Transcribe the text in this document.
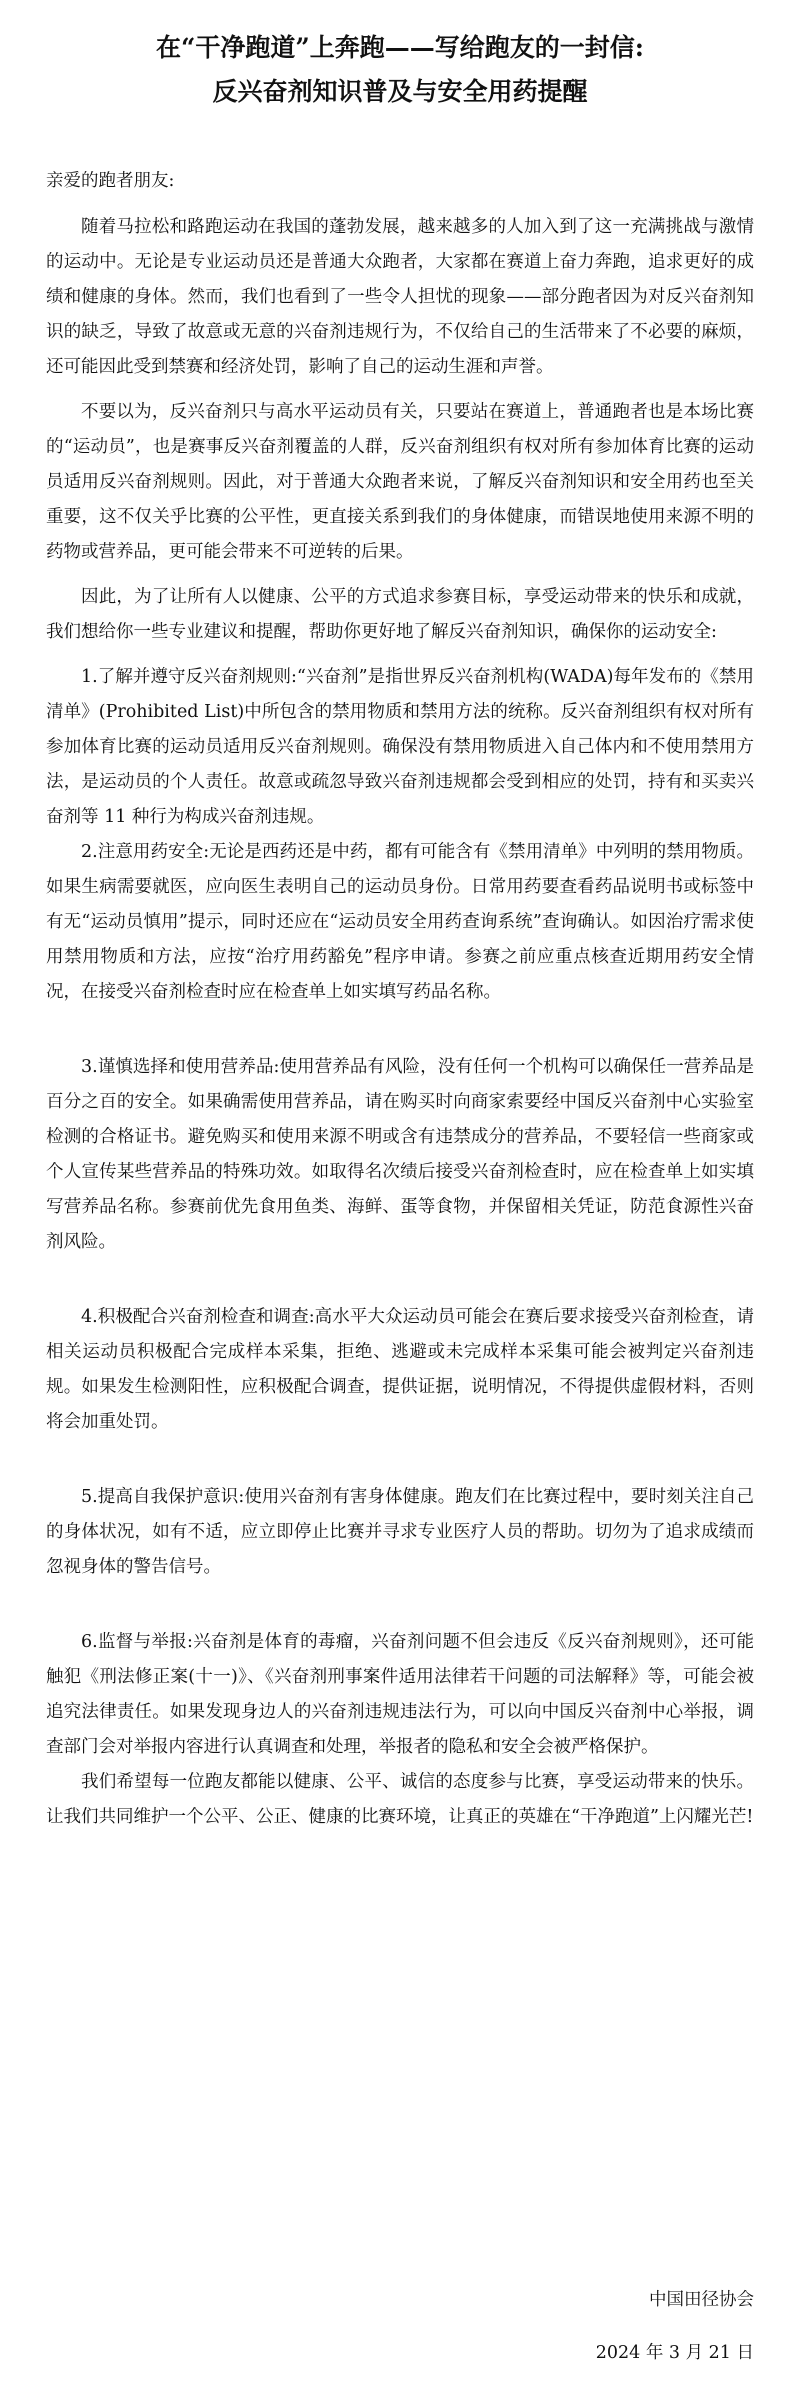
在“干净跑道”上奔跑——写给跑友的一封信:
反兴奋剂知识普及与安全用药提醒

亲爱的跑者朋友:

随着马拉松和路跑运动在我国的蓬勃发展，越来越多的人加入到了这一充满挑战与激情的运动中。无论是专业运动员还是普通大众跑者，大家都在赛道上奋力奔跑，追求更好的成绩和健康的身体。然而，我们也看到了一些令人担忧的现象——部分跑者因为对反兴奋剂知识的缺乏，导致了故意或无意的兴奋剂违规行为，不仅给自己的生活带来了不必要的麻烦，还可能因此受到禁赛和经济处罚，影响了自己的运动生涯和声誉。

不要以为，反兴奋剂只与高水平运动员有关，只要站在赛道上，普通跑者也是本场比赛的“运动员”，也是赛事反兴奋剂覆盖的人群，反兴奋剂组织有权对所有参加体育比赛的运动员适用反兴奋剂规则。因此，对于普通大众跑者来说，了解反兴奋剂知识和安全用药也至关重要，这不仅关乎比赛的公平性，更直接关系到我们的身体健康，而错误地使用来源不明的药物或营养品，更可能会带来不可逆转的后果。

因此，为了让所有人以健康、公平的方式追求参赛目标，享受运动带来的快乐和成就，我们想给你一些专业建议和提醒，帮助你更好地了解反兴奋剂知识，确保你的运动安全:

1.了解并遵守反兴奋剂规则:“兴奋剂”是指世界反兴奋剂机构(WADA)每年发布的《禁用清单》(Prohibited List)中所包含的禁用物质和禁用方法的统称。反兴奋剂组织有权对所有参加体育比赛的运动员适用反兴奋剂规则。确保没有禁用物质进入自己体内和不使用禁用方法，是运动员的个人责任。故意或疏忽导致兴奋剂违规都会受到相应的处罚，持有和买卖兴奋剂等 11 种行为构成兴奋剂违规。

2.注意用药安全:无论是西药还是中药，都有可能含有《禁用清单》中列明的禁用物质。如果生病需要就医，应向医生表明自己的运动员身份。日常用药要查看药品说明书或标签中有无“运动员慎用”提示，同时还应在“运动员安全用药查询系统”查询确认。如因治疗需求使用禁用物质和方法，应按“治疗用药豁免”程序申请。参赛之前应重点核查近期用药安全情况，在接受兴奋剂检查时应在检查单上如实填写药品名称。

3.谨慎选择和使用营养品:使用营养品有风险，没有任何一个机构可以确保任一营养品是百分之百的安全。如果确需使用营养品，请在购买时向商家索要经中国反兴奋剂中心实验室检测的合格证书。避免购买和使用来源不明或含有违禁成分的营养品，不要轻信一些商家或个人宣传某些营养品的特殊功效。如取得名次绩后接受兴奋剂检查时，应在检查单上如实填写营养品名称。参赛前优先食用鱼类、海鲜、蛋等食物，并保留相关凭证，防范食源性兴奋剂风险。

4.积极配合兴奋剂检查和调查:高水平大众运动员可能会在赛后要求接受兴奋剂检查，请相关运动员积极配合完成样本采集，拒绝、逃避或未完成样本采集可能会被判定兴奋剂违规。如果发生检测阳性，应积极配合调查，提供证据，说明情况，不得提供虚假材料，否则将会加重处罚。

5.提高自我保护意识:使用兴奋剂有害身体健康。跑友们在比赛过程中，要时刻关注自己的身体状况，如有不适，应立即停止比赛并寻求专业医疗人员的帮助。切勿为了追求成绩而忽视身体的警告信号。

6.监督与举报:兴奋剂是体育的毒瘤，兴奋剂问题不但会违反《反兴奋剂规则》，还可能触犯《刑法修正案(十一)》、《兴奋剂刑事案件适用法律若干问题的司法解释》等，可能会被追究法律责任。如果发现身边人的兴奋剂违规违法行为，可以向中国反兴奋剂中心举报，调查部门会对举报内容进行认真调查和处理，举报者的隐私和安全会被严格保护。

我们希望每一位跑友都能以健康、公平、诚信的态度参与比赛，享受运动带来的快乐。让我们共同维护一个公平、公正、健康的比赛环境，让真正的英雄在“干净跑道”上闪耀光芒!

中国田径协会
2024 年 3 月 21 日
